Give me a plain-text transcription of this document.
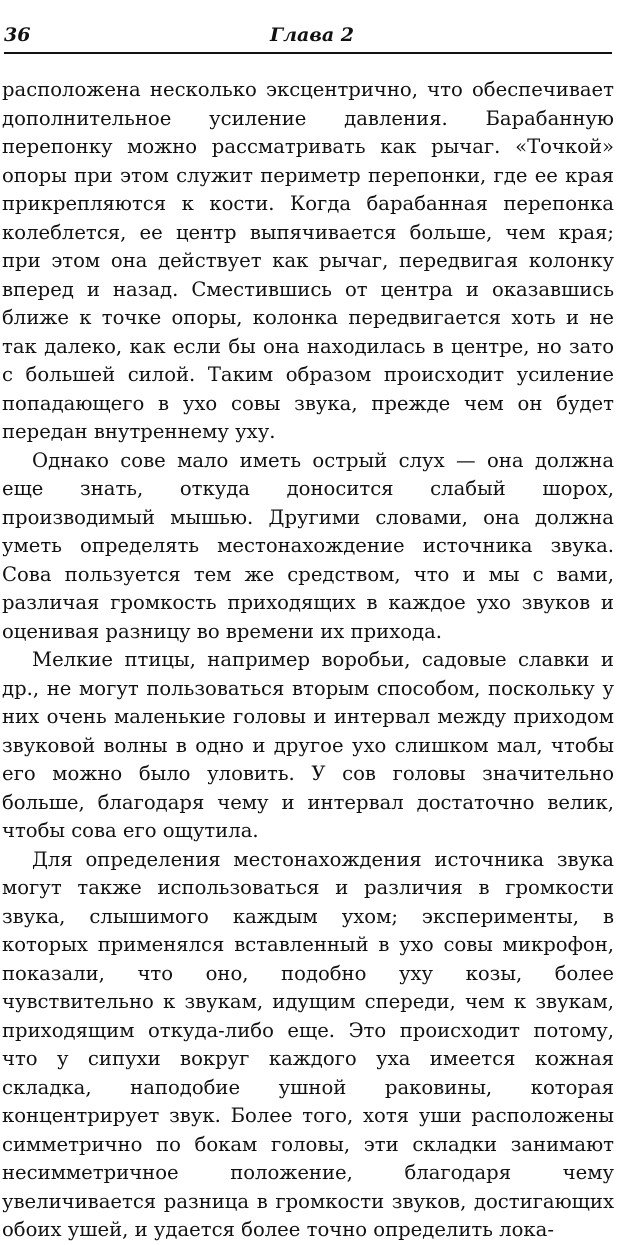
36	Глава 2

расположена несколько эксцентрично, что обеспечивает дополнительное усиление давления. Барабанную перепонку можно рассматривать как рычаг. «Точкой» опоры при этом служит периметр перепонки, где ее края прикрепляются к кости. Когда барабанная перепонка колеблется, ее центр выпячивается больше, чем края; при этом она действует как рычаг, передвигая колонку вперед и назад. Сместившись от центра и оказавшись ближе к точке опоры, колонка передвигается хоть и не так далеко, как если бы она находилась в центре, но зато с большей силой. Таким образом происходит усиление попадающего в ухо совы звука, прежде чем он будет передан внутреннему уху.

Однако сове мало иметь острый слух — она должна еще знать, откуда доносится слабый шорох, производимый мышью. Другими словами, она должна уметь определять местонахождение источника звука. Сова пользуется тем же средством, что и мы с вами, различая громкость приходящих в каждое ухо звуков и оценивая разницу во времени их прихода.

Мелкие птицы, например воробьи, садовые славки и др., не могут пользоваться вторым способом, поскольку у них очень маленькие головы и интервал между приходом звуковой волны в одно и другое ухо слишком мал, чтобы его можно было уловить. У сов головы значительно больше, благодаря чему и интервал достаточно велик, чтобы сова его ощутила.

Для определения местонахождения источника звука могут также использоваться и различия в громкости звука, слышимого каждым ухом; эксперименты, в которых применялся вставленный в ухо совы микрофон, показали, что оно, подобно уху козы, более чувствительно к звукам, идущим спереди, чем к звукам, приходящим откуда-либо еще. Это происходит потому, что у сипухи вокруг каждого уха имеется кожная складка, наподобие ушной раковины, которая концентрирует звук. Более того, хотя уши расположены симметрично по бокам головы, эти складки занимают несимметричное положение, благодаря чему увеличивается разница в громкости звуков, достигающих обоих ушей, и удается более точно определить лока-
